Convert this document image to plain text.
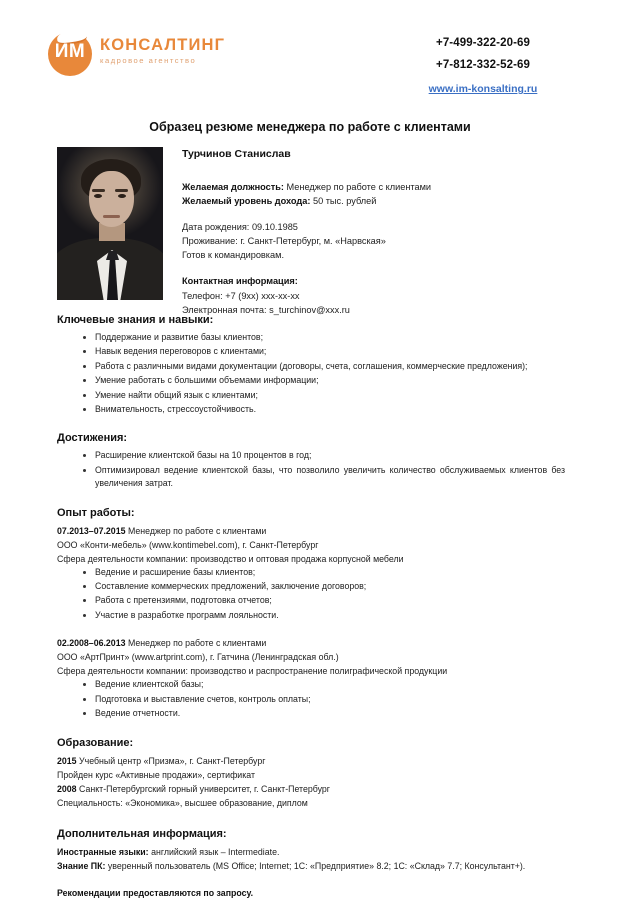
ИМ КОНСАЛТИНГ
кадровое агентство
+7-499-322-20-69
+7-812-332-52-69
www.im-konsalting.ru
Образец резюме менеджера по работе с клиентами
Турчинов Станислав
Желаемая должность: Менеджер по работе с клиентами
Желаемый уровень дохода: 50 тыс. рублей
Дата рождения: 09.10.1985
Проживание: г. Санкт-Петербург, м. «Нарвская»
Готов к командировкам.
Контактная информация:
Телефон: +7 (9хх) ххх-хх-хх
Электронная почта: s_turchinov@xxx.ru
Ключевые знания и навыки:
Поддержание и развитие базы клиентов;
Навык ведения переговоров с клиентами;
Работа с различными видами документации (договоры, счета, соглашения, коммерческие предложения);
Умение работать с большими объемами информации;
Умение найти общий язык с клиентами;
Внимательность, стрессоустойчивость.
Достижения:
Расширение клиентской базы на 10 процентов в год;
Оптимизировал ведение клиентской базы, что позволило увеличить количество обслуживаемых клиентов без увеличения затрат.
Опыт работы:
07.2013–07.2015 Менеджер по работе с клиентами
ООО «Конти-мебель» (www.kontimebel.com), г. Санкт-Петербург
Сфера деятельности компании: производство и оптовая продажа корпусной мебели
Ведение и расширение базы клиентов;
Составление коммерческих предложений, заключение договоров;
Работа с претензиями, подготовка отчетов;
Участие в разработке программ лояльности.
02.2008–06.2013 Менеджер по работе с клиентами
ООО «АртПринт» (www.artprint.com), г. Гатчина (Ленинградская обл.)
Сфера деятельности компании: производство и распространение полиграфической продукции
Ведение клиентской базы;
Подготовка и выставление счетов, контроль оплаты;
Ведение отчетности.
Образование:
2015 Учебный центр «Призма», г. Санкт-Петербург
Пройден курс «Активные продажи», сертификат
2008 Санкт-Петербургский горный университет, г. Санкт-Петербург
Специальность: «Экономика», высшее образование, диплом
Дополнительная информация:
Иностранные языки: английский язык – Intermediate.
Знание ПК: уверенный пользователь (MS Office; Internet; 1С: «Предприятие» 8.2; 1С: «Склад» 7.7; Консультант+).
Рекомендации предоставляются по запросу.
